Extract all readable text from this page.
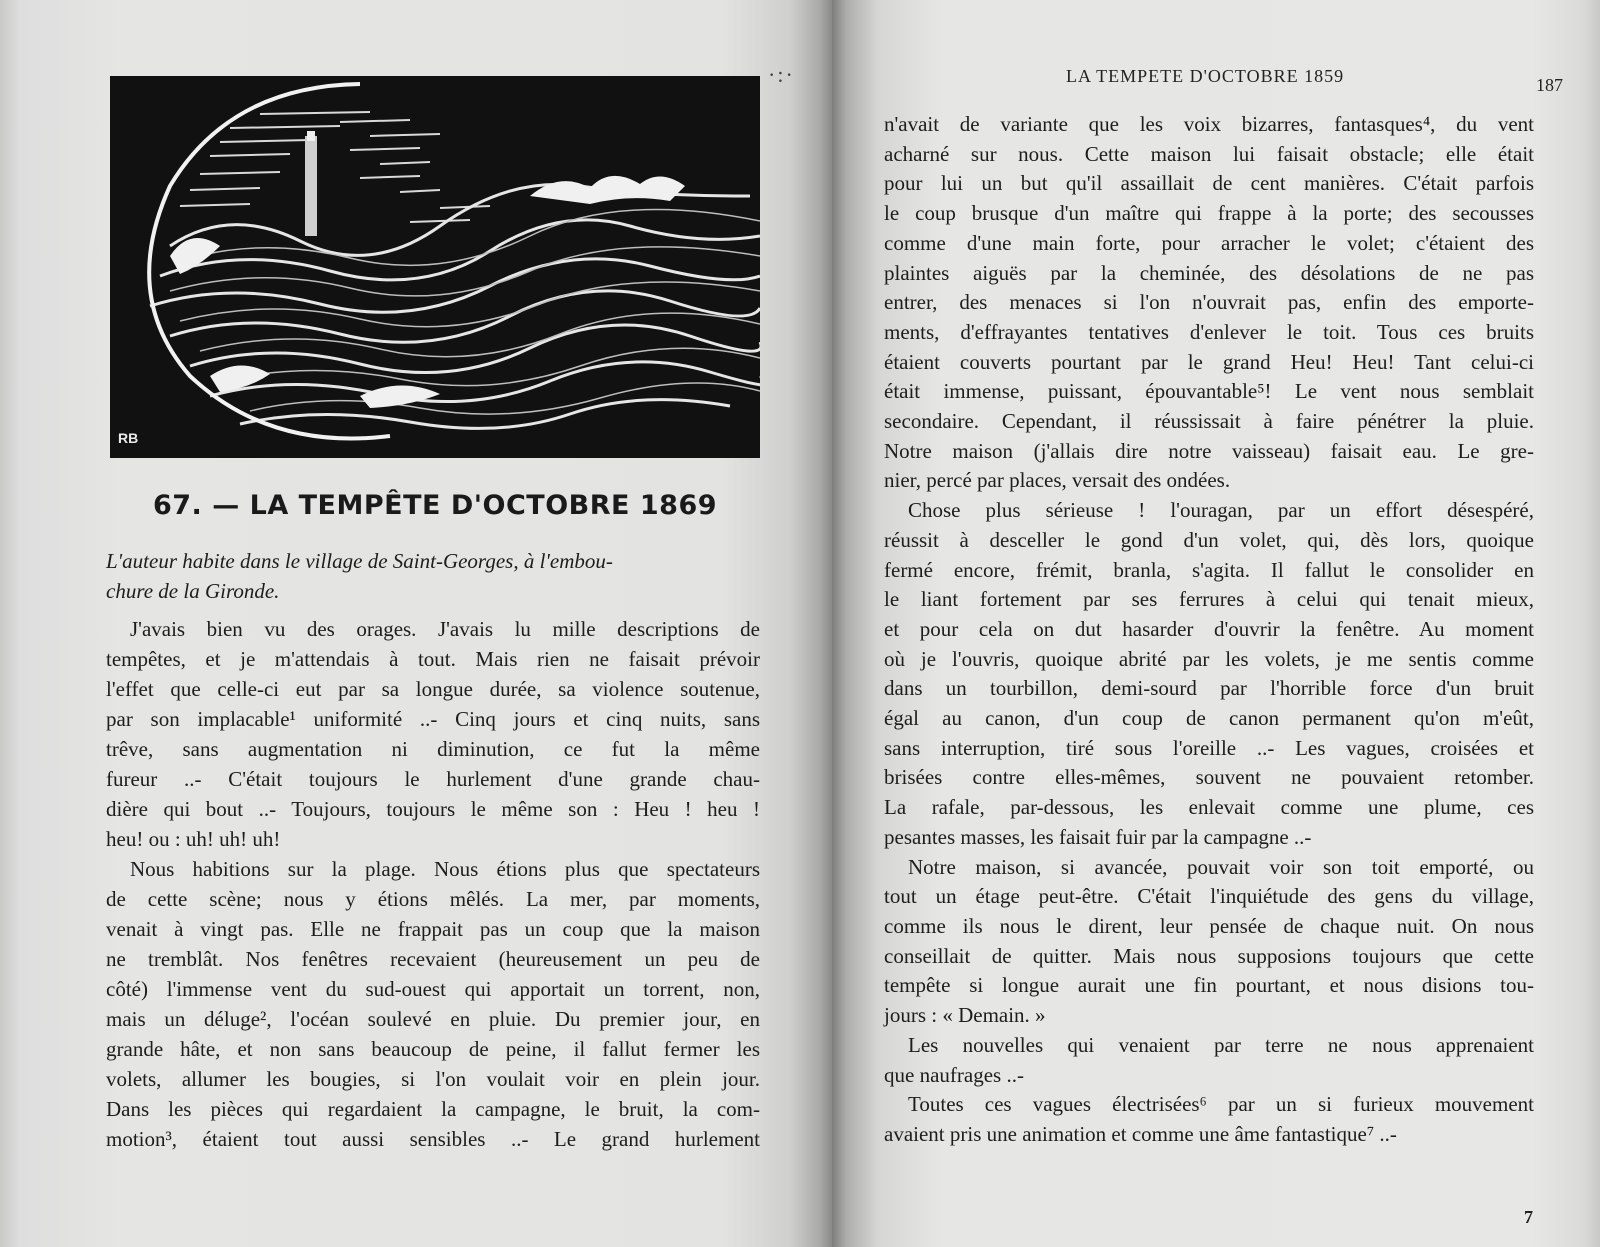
·:·
RB
67. — LA TEMPÊTE D'OCTOBRE 1869
L'auteur habite dans le village de Saint-Georges, à l'embou-
chure de la Gironde.
J'avais bien vu des orages. J'avais lu mille descriptions de
tempêtes, et je m'attendais à tout. Mais rien ne faisait prévoir
l'effet que celle-ci eut par sa longue durée, sa violence soutenue,
par son implacable¹ uniformité ..- Cinq jours et cinq nuits, sans
trêve, sans augmentation ni diminution, ce fut la même
fureur ..- C'était toujours le hurlement d'une grande chau-
dière qui bout ..- Toujours, toujours le même son : Heu ! heu !
heu! ou : uh! uh! uh!
Nous habitions sur la plage. Nous étions plus que spectateurs
de cette scène; nous y étions mêlés. La mer, par moments,
venait à vingt pas. Elle ne frappait pas un coup que la maison
ne tremblât. Nos fenêtres recevaient (heureusement un peu de
côté) l'immense vent du sud-ouest qui apportait un torrent, non,
mais un déluge², l'océan soulevé en pluie. Du premier jour, en
grande hâte, et non sans beaucoup de peine, il fallut fermer les
volets, allumer les bougies, si l'on voulait voir en plein jour.
Dans les pièces qui regardaient la campagne, le bruit, la com-
motion³, étaient tout aussi sensibles ..- Le grand hurlement
LA TEMPETE D'OCTOBRE 1859	187
n'avait de variante que les voix bizarres, fantasques⁴, du vent
acharné sur nous. Cette maison lui faisait obstacle; elle était
pour lui un but qu'il assaillait de cent manières. C'était parfois
le coup brusque d'un maître qui frappe à la porte; des secousses
comme d'une main forte, pour arracher le volet; c'étaient des
plaintes aiguës par la cheminée, des désolations de ne pas
entrer, des menaces si l'on n'ouvrait pas, enfin des emporte-
ments, d'effrayantes tentatives d'enlever le toit. Tous ces bruits
étaient couverts pourtant par le grand Heu! Heu! Tant celui-ci
était immense, puissant, épouvantable⁵! Le vent nous semblait
secondaire. Cependant, il réussissait à faire pénétrer la pluie.
Notre maison (j'allais dire notre vaisseau) faisait eau. Le gre-
nier, percé par places, versait des ondées.
Chose plus sérieuse ! l'ouragan, par un effort désespéré,
réussit à desceller le gond d'un volet, qui, dès lors, quoique
fermé encore, frémit, branla, s'agita. Il fallut le consolider en
le liant fortement par ses ferrures à celui qui tenait mieux,
et pour cela on dut hasarder d'ouvrir la fenêtre. Au moment
où je l'ouvris, quoique abrité par les volets, je me sentis comme
dans un tourbillon, demi-sourd par l'horrible force d'un bruit
égal au canon, d'un coup de canon permanent qu'on m'eût,
sans interruption, tiré sous l'oreille ..- Les vagues, croisées et
brisées contre elles-mêmes, souvent ne pouvaient retomber.
La rafale, par-dessous, les enlevait comme une plume, ces
pesantes masses, les faisait fuir par la campagne ..-
Notre maison, si avancée, pouvait voir son toit emporté, ou
tout un étage peut-être. C'était l'inquiétude des gens du village,
comme ils nous le dirent, leur pensée de chaque nuit. On nous
conseillait de quitter. Mais nous supposions toujours que cette
tempête si longue aurait une fin pourtant, et nous disions tou-
jours : « Demain. »
Les nouvelles qui venaient par terre ne nous apprenaient
que naufrages ..-
Toutes ces vagues électrisées⁶ par un si furieux mouvement
avaient pris une animation et comme une âme fantastique⁷ ..-
7
